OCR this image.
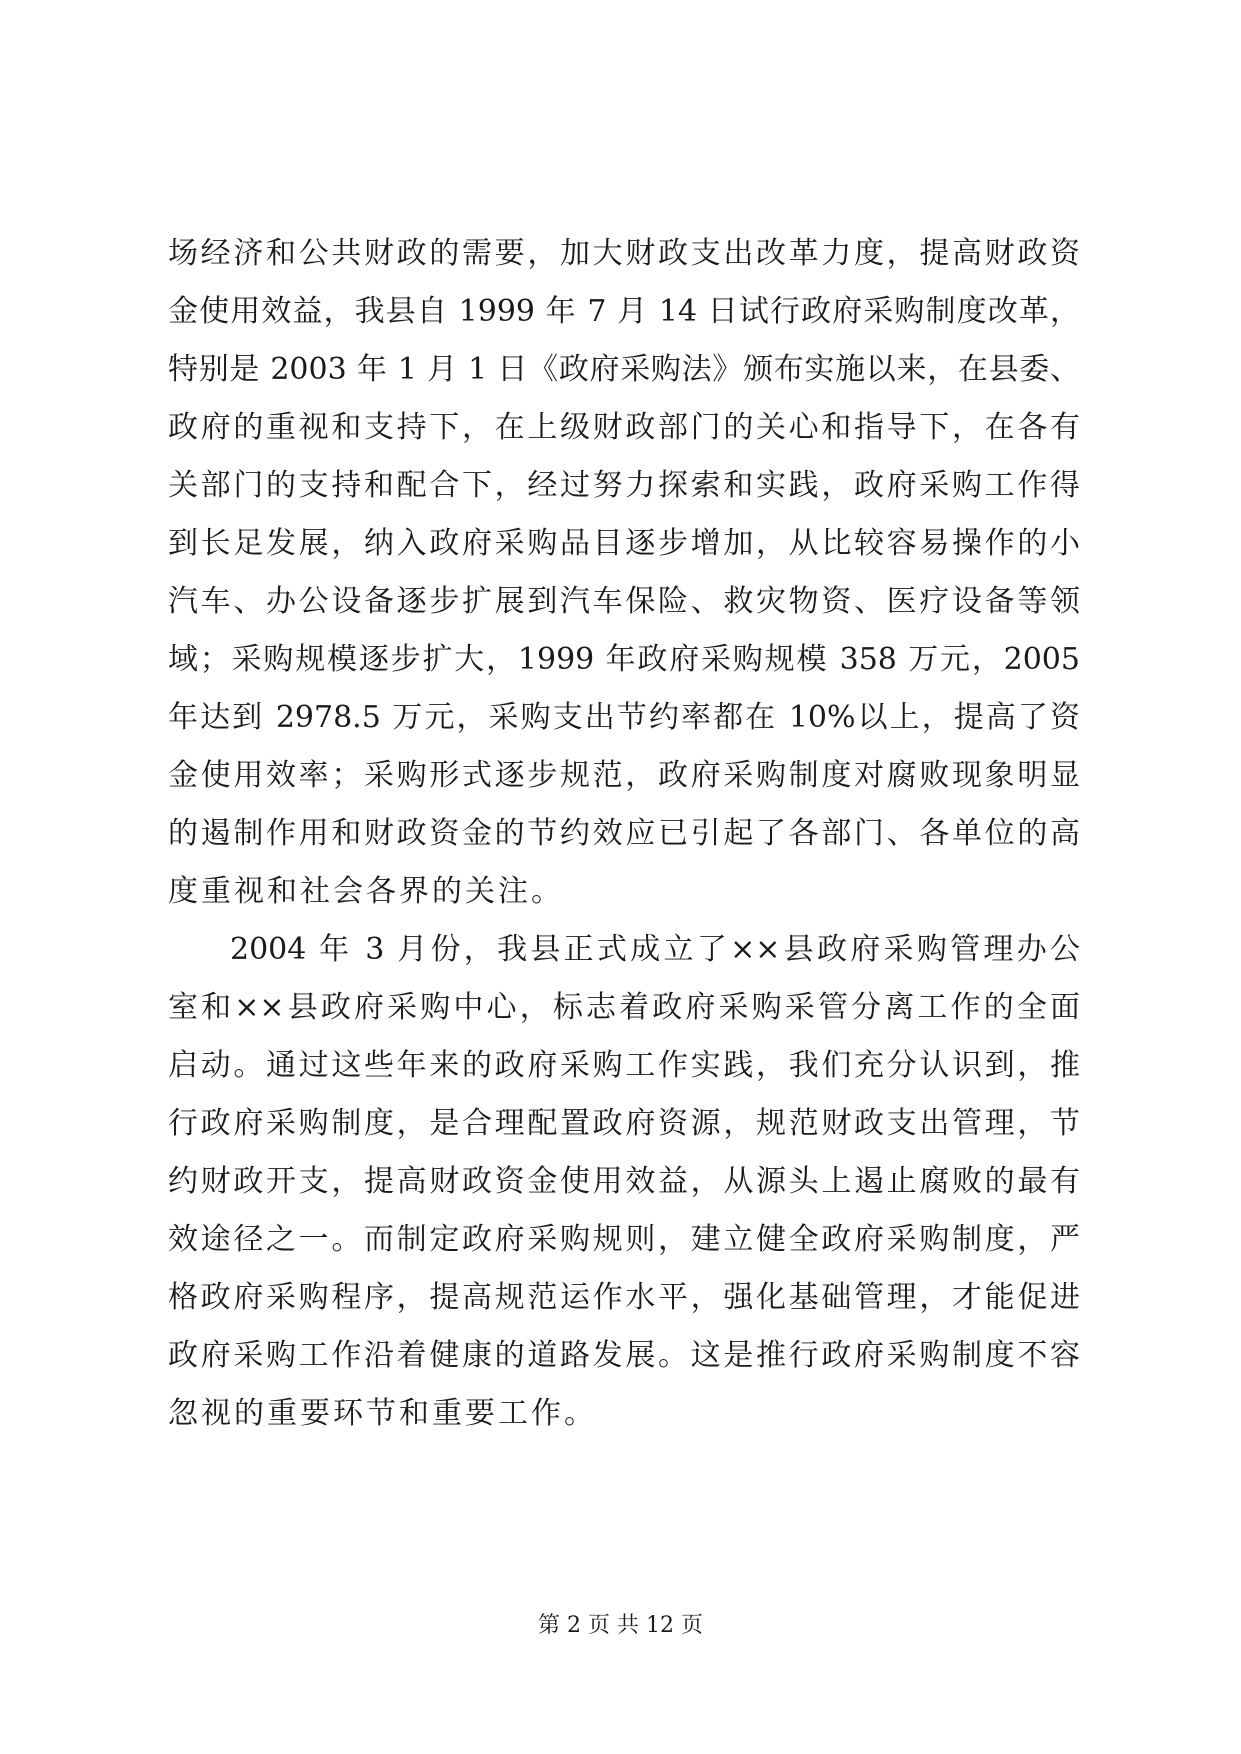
场经济和公共财政的需要，加大财政支出改革力度，提高财政资
金使用效益，我县自 1999 年 7 月 14 日试行政府采购制度改革，
特别是 2003 年 1 月 1 日《政府采购法》颁布实施以来，在县委、
政府的重视和支持下，在上级财政部门的关心和指导下，在各有
关部门的支持和配合下，经过努力探索和实践，政府采购工作得
到长足发展，纳入政府采购品目逐步增加，从比较容易操作的小
汽车、办公设备逐步扩展到汽车保险、救灾物资、医疗设备等领
域；采购规模逐步扩大，1999 年政府采购规模 358 万元，2005
年达到 2978.5 万元，采购支出节约率都在 10%以上，提高了资
金使用效率；采购形式逐步规范，政府采购制度对腐败现象明显
的遏制作用和财政资金的节约效应已引起了各部门、各单位的高
度重视和社会各界的关注。
2004 年 3 月份，我县正式成立了××县政府采购管理办公
室和××县政府采购中心，标志着政府采购采管分离工作的全面
启动。通过这些年来的政府采购工作实践，我们充分认识到，推
行政府采购制度，是合理配置政府资源，规范财政支出管理，节
约财政开支，提高财政资金使用效益，从源头上遏止腐败的最有
效途径之一。而制定政府采购规则，建立健全政府采购制度，严
格政府采购程序，提高规范运作水平，强化基础管理，才能促进
政府采购工作沿着健康的道路发展。这是推行政府采购制度不容
忽视的重要环节和重要工作。
第 2 页 共 12 页
